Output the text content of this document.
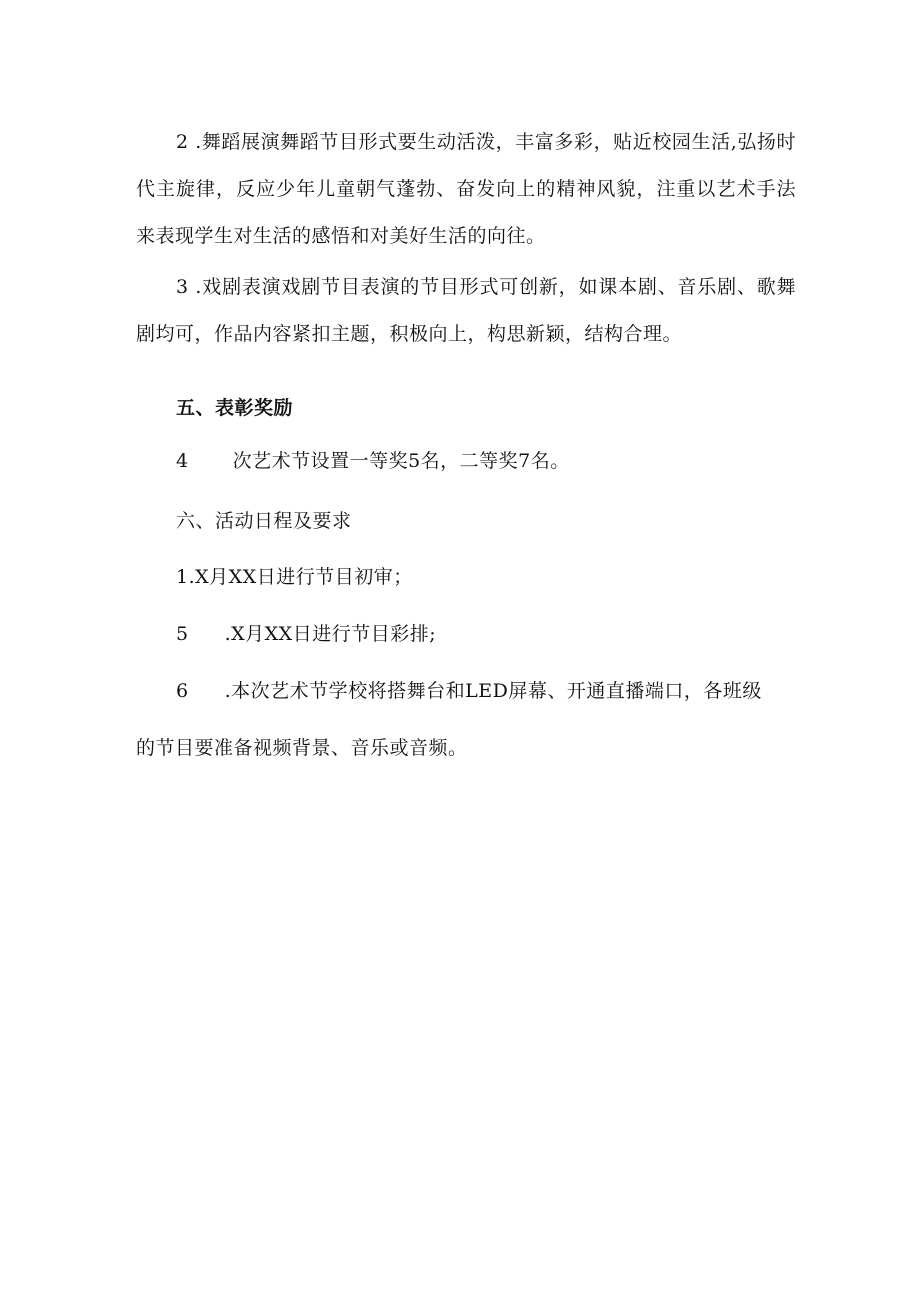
2 .舞蹈展演舞蹈节目形式要生动活泼，丰富多彩，贴近校园生活,弘扬时代主旋律，反应少年儿童朝气蓬勃、奋发向上的精神风貌，注重以艺术手法来表现学生对生活的感悟和对美好生活的向往。

3 .戏剧表演戏剧节目表演的节目形式可创新，如课本剧、音乐剧、歌舞剧均可，作品内容紧扣主题，积极向上，构思新颖，结构合理。

五、表彰奖励

4 次艺术节设置一等奖5名，二等奖7名。

六、活动日程及要求

1.X月XX日进行节目初审；

5 .X月XX日进行节目彩排;

6 .本次艺术节学校将搭舞台和LED屏幕、开通直播端口，各班级

的节目要准备视频背景、音乐或音频。
